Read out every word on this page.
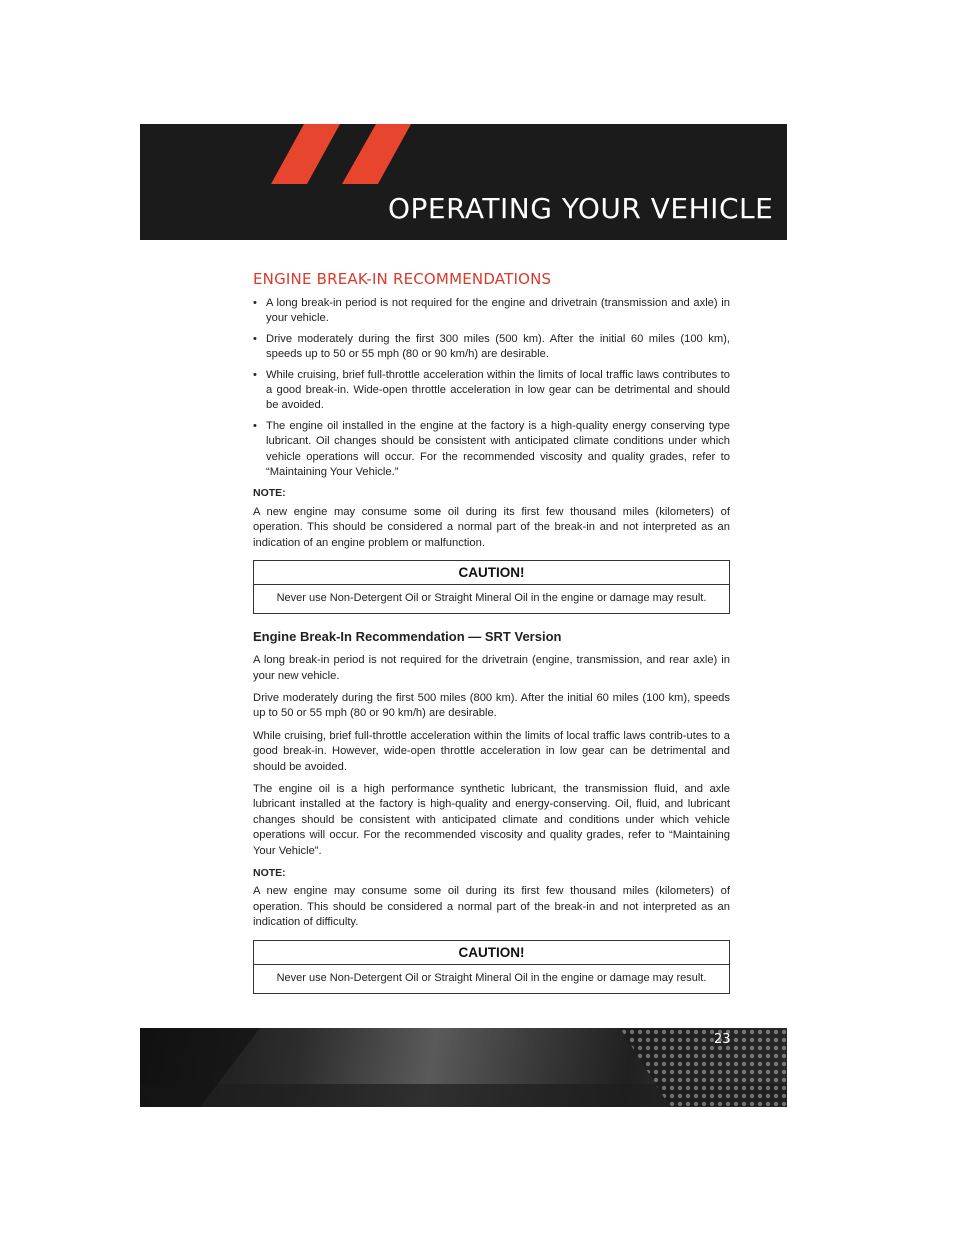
OPERATING YOUR VEHICLE
ENGINE BREAK-IN RECOMMENDATIONS
• A long break-in period is not required for the engine and drivetrain (transmission and axle) in your vehicle.
• Drive moderately during the first 300 miles (500 km). After the initial 60 miles (100 km), speeds up to 50 or 55 mph (80 or 90 km/h) are desirable.
• While cruising, brief full-throttle acceleration within the limits of local traffic laws contributes to a good break-in. Wide-open throttle acceleration in low gear can be detrimental and should be avoided.
• The engine oil installed in the engine at the factory is a high-quality energy conserving type lubricant. Oil changes should be consistent with anticipated climate conditions under which vehicle operations will occur. For the recommended viscosity and quality grades, refer to “Maintaining Your Vehicle.”
NOTE:

A new engine may consume some oil during its first few thousand miles (kilometers) of operation. This should be considered a normal part of the break-in and not interpreted as an indication of an engine problem or malfunction.

CAUTION!
Never use Non-Detergent Oil or Straight Mineral Oil in the engine or damage may result.
Engine Break-In Recommendation — SRT Version

A long break-in period is not required for the drivetrain (engine, transmission, and rear axle) in your new vehicle.

Drive moderately during the first 500 miles (800 km). After the initial 60 miles (100 km), speeds up to 50 or 55 mph (80 or 90 km/h) are desirable.

While cruising, brief full-throttle acceleration within the limits of local traffic laws contrib-utes to a good break-in. However, wide-open throttle acceleration in low gear can be detrimental and should be avoided.

The engine oil is a high performance synthetic lubricant, the transmission fluid, and axle lubricant installed at the factory is high-quality and energy-conserving. Oil, fluid, and lubricant changes should be consistent with anticipated climate and conditions under which vehicle operations will occur. For the recommended viscosity and quality grades, refer to “Maintaining Your Vehicle”.

NOTE:

A new engine may consume some oil during its first few thousand miles (kilometers) of operation. This should be considered a normal part of the break-in and not interpreted as an indication of difficulty.

CAUTION!
Never use Non-Detergent Oil or Straight Mineral Oil in the engine or damage may result.
23
